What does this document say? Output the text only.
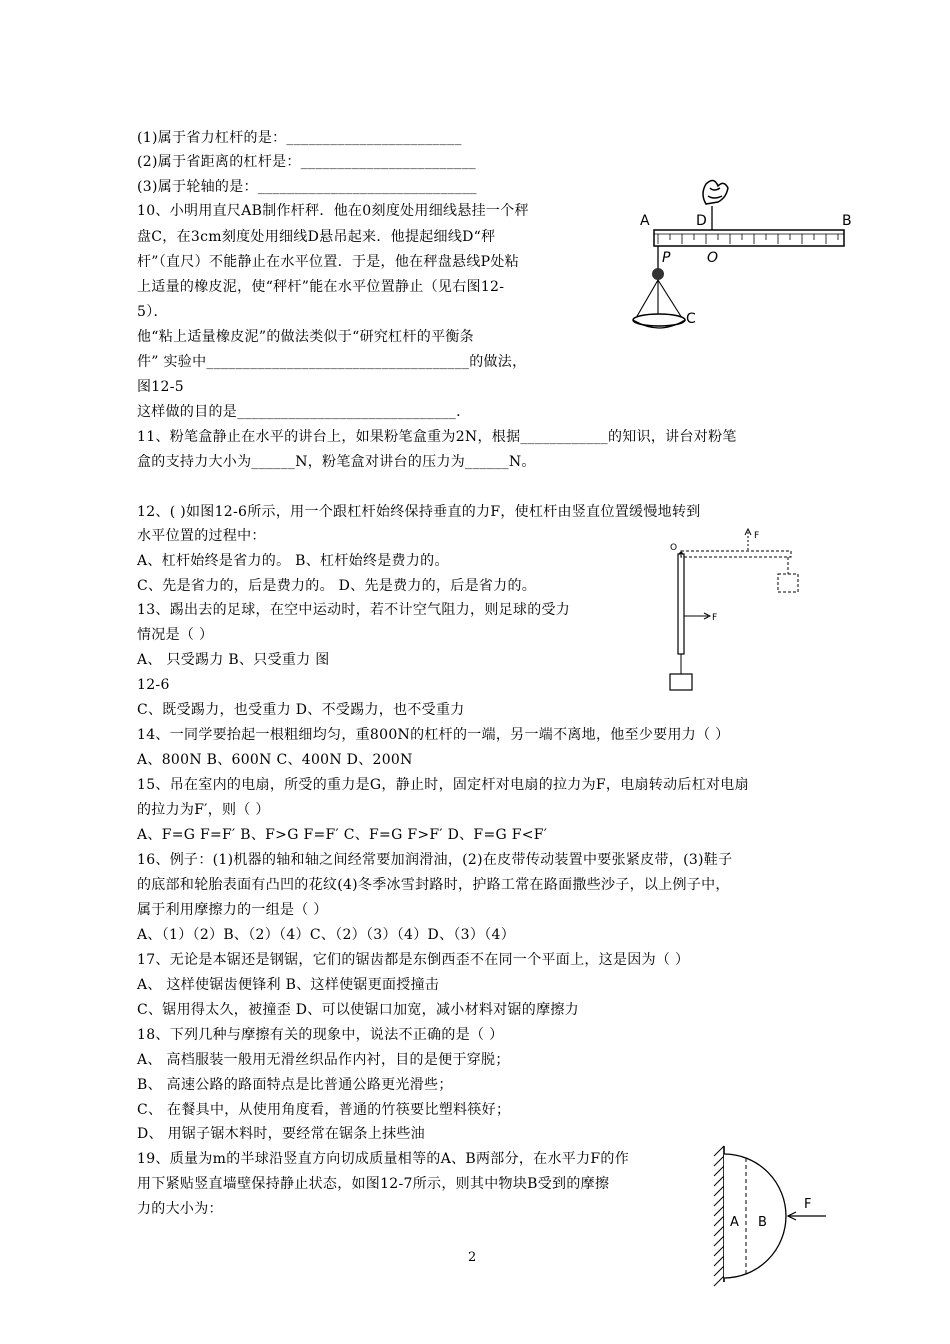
(1)属于省力杠杆的是：________________________
(2)属于省距离的杠杆是：________________________
(3)属于轮轴的是：______________________________
10、小明用直尺AB制作杆秤．他在0刻度处用细线悬挂一个秤
盘C，在3cm刻度处用细线D悬吊起来．他提起细线D“秤
杆”（直尺）不能静止在水平位置．于是，他在秤盘悬线P处粘
上适量的橡皮泥，使“秤杆”能在水平位置静止（见右图12-
5）．
他“粘上适量橡皮泥”的做法类似于“研究杠杆的平衡条
件” 实验中____________________________________的做法，
图12-5
这样做的目的是______________________________.
A	B
D
O
P
C
11、粉笔盒静止在水平的讲台上，如果粉笔盒重为2N，根据____________的知识，讲台对粉笔
盒的支持力大小为______N，粉笔盒对讲台的压力为______N。
12、( )如图12-6所示，用一个跟杠杆始终保持垂直的力F，使杠杆由竖直位置缓慢地转到
水平位置的过程中：
A、杠杆始终是省力的。 B、杠杆始终是费力的。
C、先是省力的，后是费力的。 D、先是费力的，后是省力的。
O
F
F
13、踢出去的足球，在空中运动时，若不计空气阻力，则足球的受力
情况是（ ）
A、 只受踢力 B、只受重力 图
12-6
C、既受踢力，也受重力 D、不受踢力，也不受重力
14、一同学要抬起一根粗细均匀，重800N的杠杆的一端，另一端不离地，他至少要用力（ ）
A、800N B、600N C、400N D、200N
15、吊在室内的电扇，所受的重力是G，静止时，固定杆对电扇的拉力为F，电扇转动后杠对电扇
的拉力为F′，则（ ）
A、F=G F=F′ B、F>G F=F′ C、F=G F>F′ D、F=G F<F′
16、例子：(1)机器的轴和轴之间经常要加润滑油，(2)在皮带传动装置中要张紧皮带，(3)鞋子
的底部和轮胎表面有凸凹的花纹(4)冬季冰雪封路时，护路工常在路面撒些沙子，以上例子中，
属于利用摩擦力的一组是（ ）
A、（1）（2）B、（2）（4）C、（2）（3）（4）D、（3）（4）
17、无论是本锯还是钢锯，它们的锯齿都是东倒西歪不在同一个平面上，这是因为（ ）
A、 这样使锯齿便锋利 B、这样使锯更面授撞击
C、锯用得太久，被撞歪 D、可以使锯口加宽，减小材料对锯的摩擦力
18、下列几种与摩擦有关的现象中，说法不正确的是（ ）
A、 高档服装一般用无滑丝织品作内衬，目的是便于穿脱；
B、 高速公路的路面特点是比普通公路更光滑些；
C、 在餐具中，从使用角度看，普通的竹筷要比塑料筷好；
D、 用锯子锯木料时，要经常在锯条上抹些油
19、质量为m的半球沿竖直方向切成质量相等的A、B两部分，在水平力F的作
用下紧贴竖直墙壁保持静止状态，如图12-7所示，则其中物块B受到的摩擦
力的大小为：
A B
F
2
